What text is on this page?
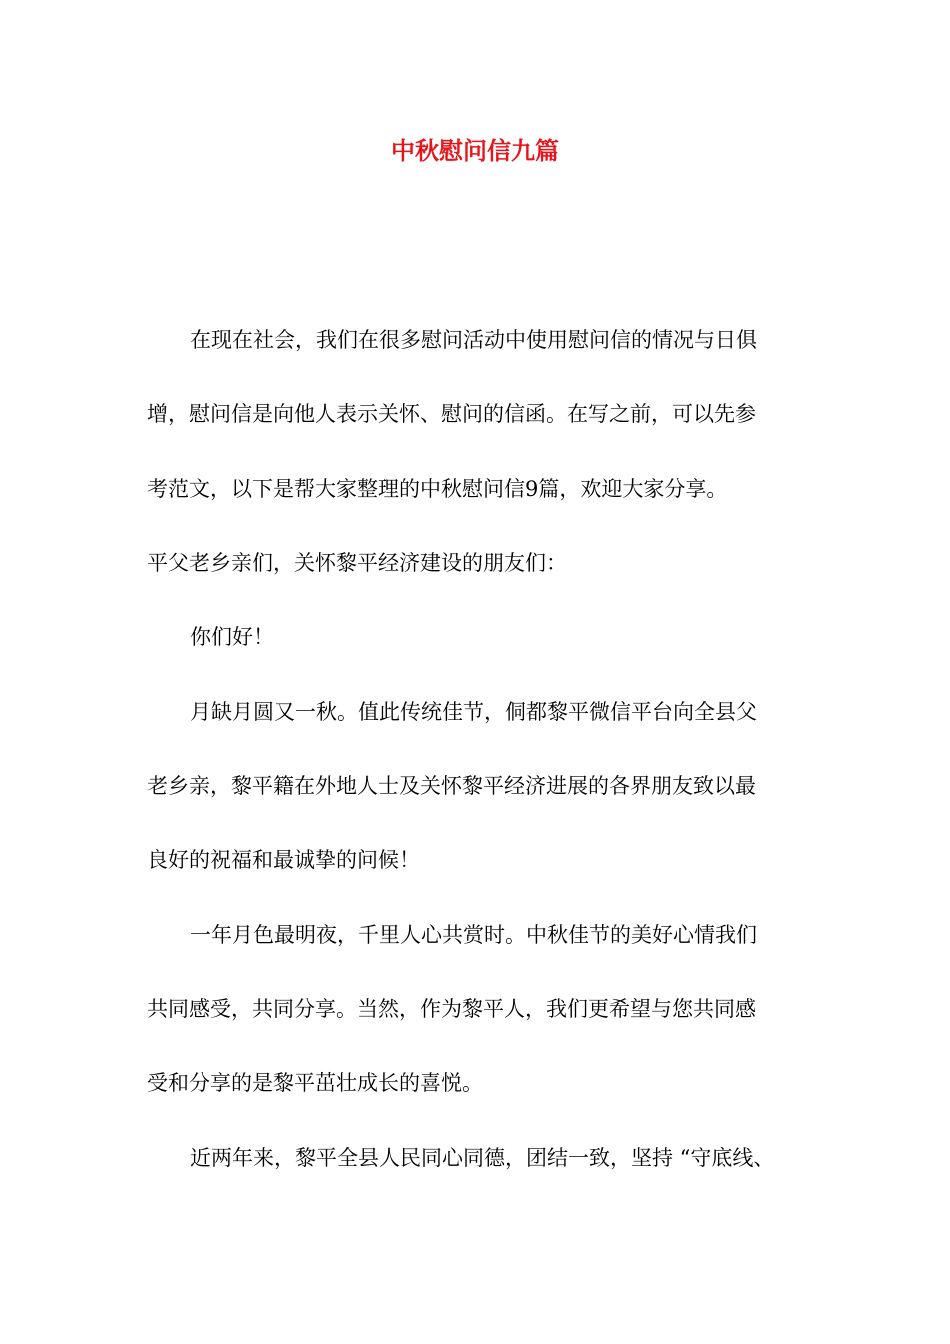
中秋慰问信九篇

在现在社会，我们在很多慰问活动中使用慰问信的情况与日俱

增，慰问信是向他人表示关怀、慰问的信函。在写之前，可以先参

考范文，以下是帮大家整理的中秋慰问信9篇，欢迎大家分享。

平父老乡亲们，关怀黎平经济建设的朋友们：

你们好！

月缺月圆又一秋。值此传统佳节，侗都黎平微信平台向全县父

老乡亲，黎平籍在外地人士及关怀黎平经济进展的各界朋友致以最

良好的祝福和最诚挚的问候！

一年月色最明夜，千里人心共赏时。中秋佳节的美好心情我们

共同感受，共同分享。当然，作为黎平人，我们更希望与您共同感

受和分享的是黎平茁壮成长的喜悦。

近两年来，黎平全县人民同心同德，团结一致，坚持 “守底线、
